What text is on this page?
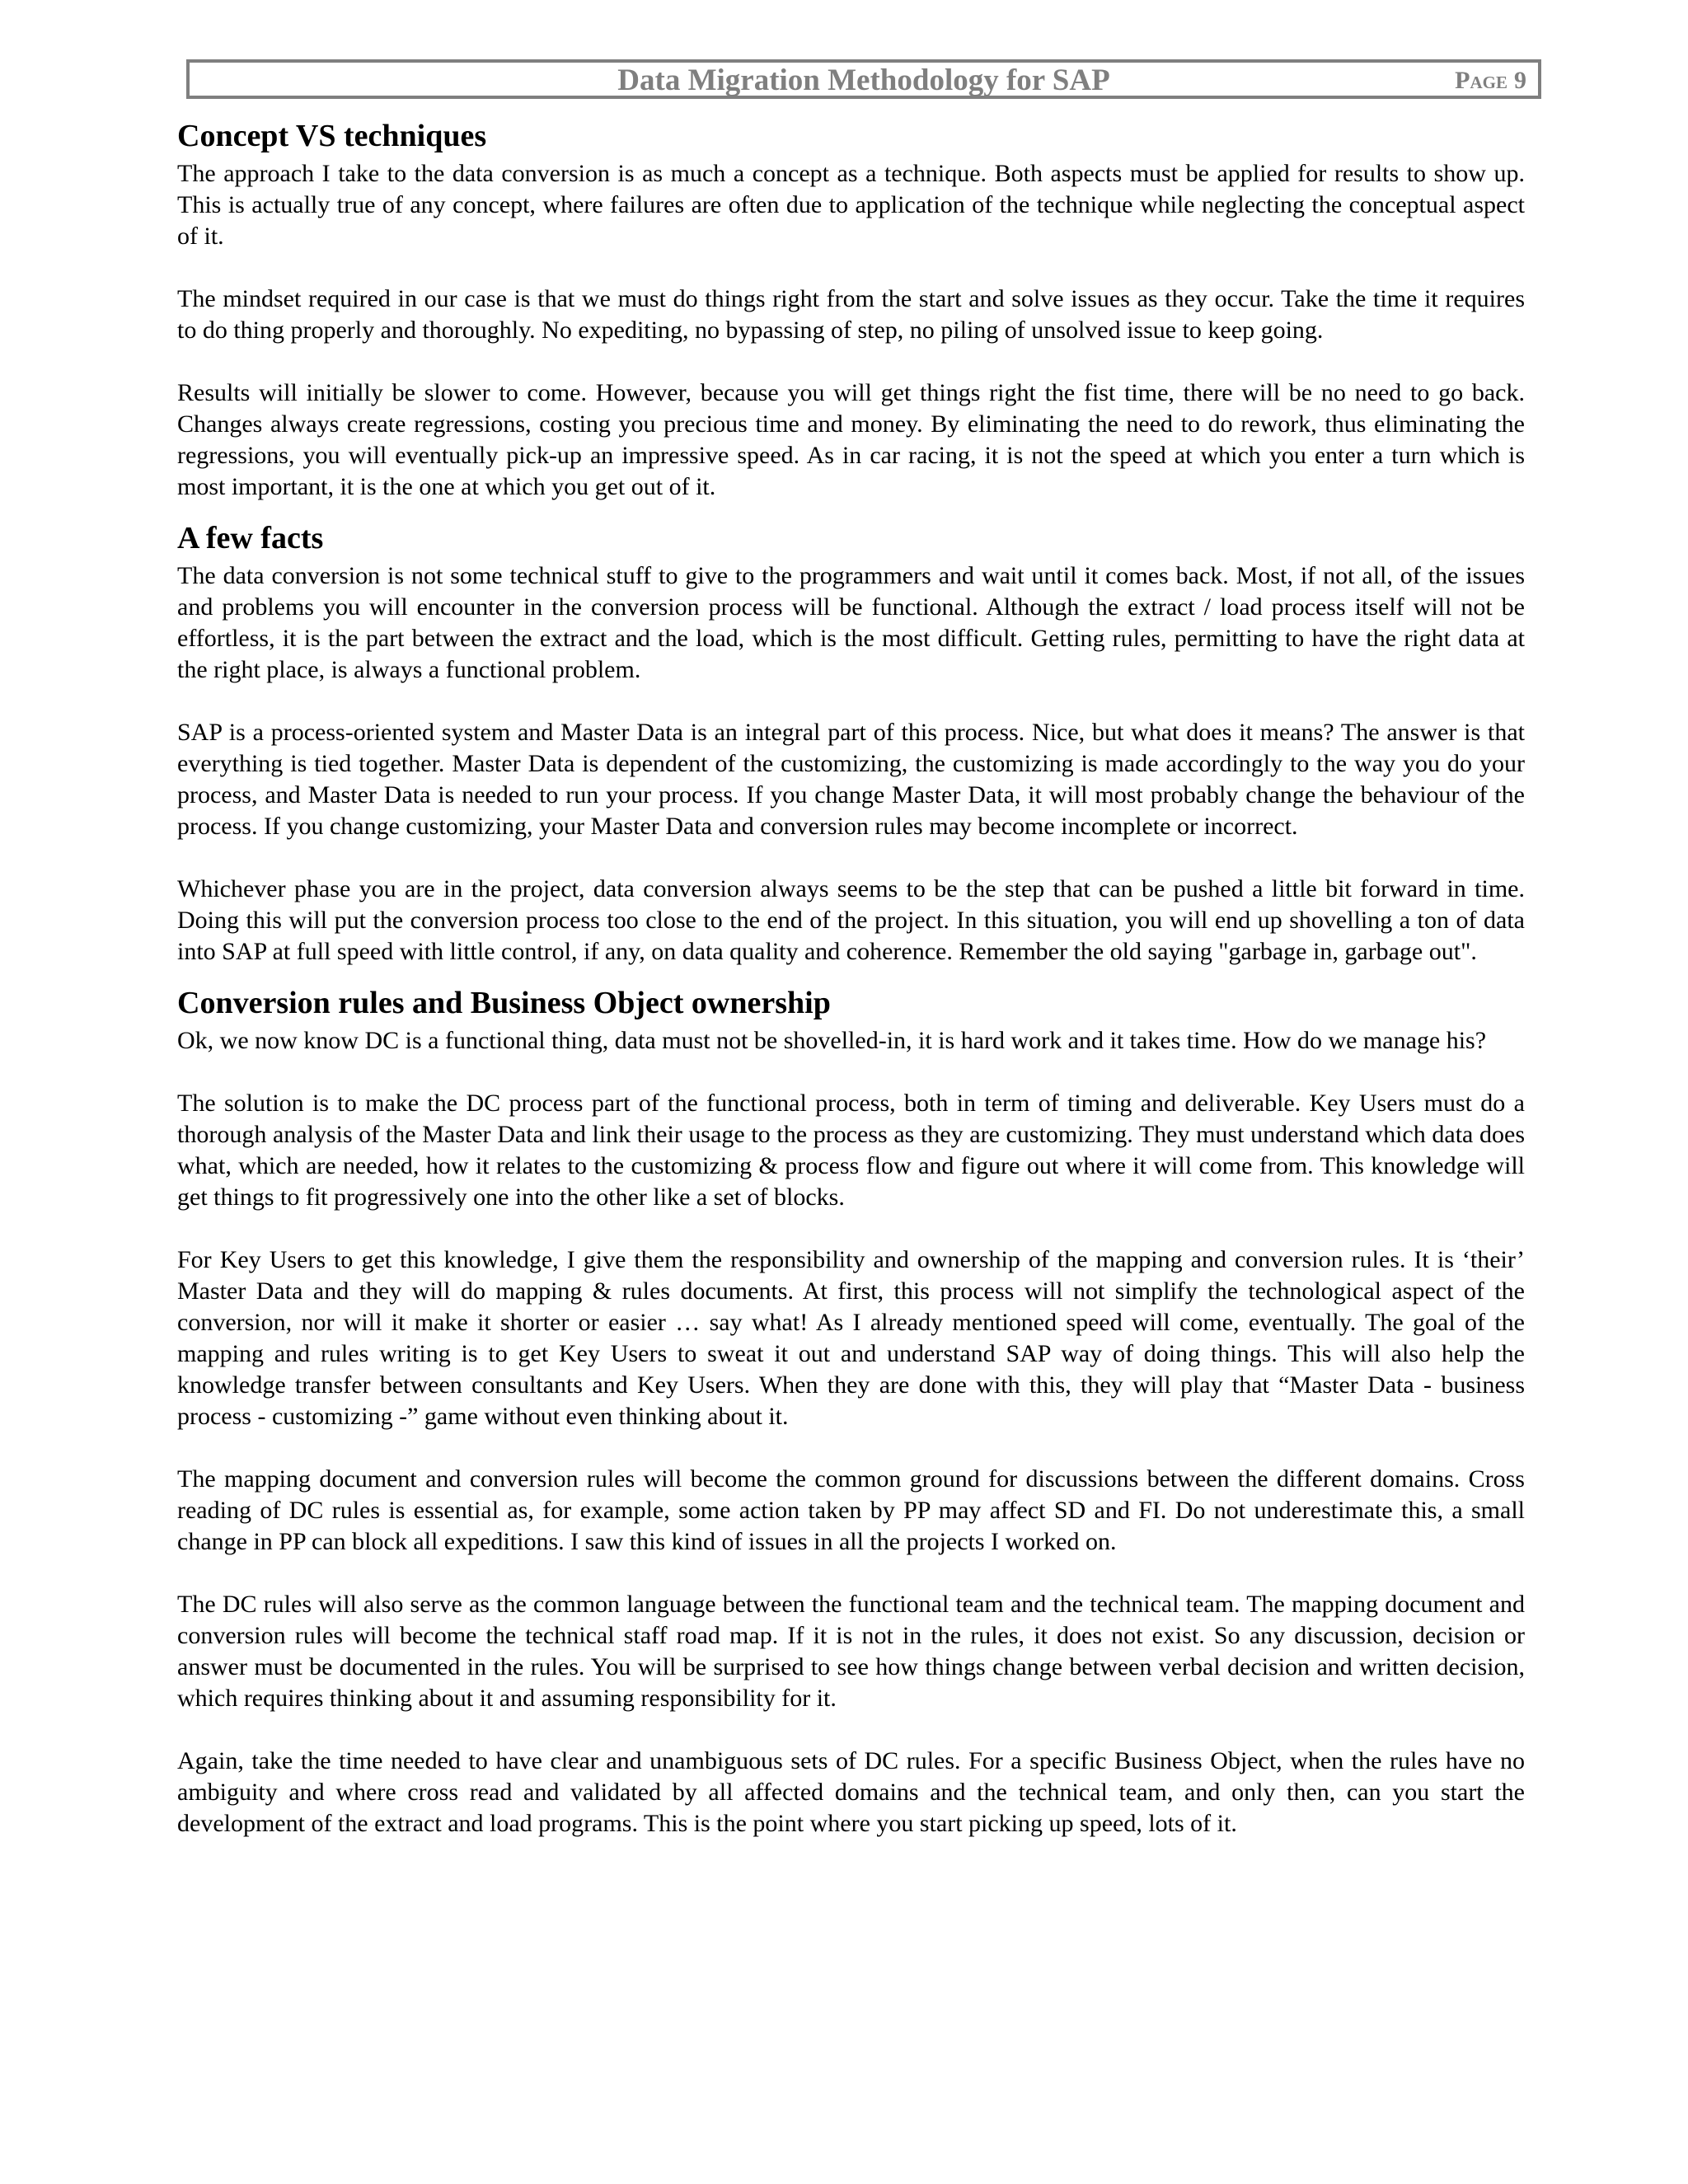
Data Migration Methodology for SAP	Page 9
Concept VS techniques

The approach I take to the data conversion is as much a concept as a technique. Both aspects must be applied for results to show up. This is actually true of any concept, where failures are often due to application of the technique while neglecting the conceptual aspect of it.

The mindset required in our case is that we must do things right from the start and solve issues as they occur. Take the time it requires to do thing properly and thoroughly. No expediting, no bypassing of step, no piling of unsolved issue to keep going.

Results will initially be slower to come. However, because you will get things right the fist time, there will be no need to go back. Changes always create regressions, costing you precious time and money. By eliminating the need to do rework, thus eliminating the regressions, you will eventually pick-up an impressive speed. As in car racing, it is not the speed at which you enter a turn which is most important, it is the one at which you get out of it.

A few facts

The data conversion is not some technical stuff to give to the programmers and wait until it comes back. Most, if not all, of the issues and problems you will encounter in the conversion process will be functional. Although the extract / load process itself will not be effortless, it is the part between the extract and the load, which is the most difficult. Getting rules, permitting to have the right data at the right place, is always a functional problem.

SAP is a process-oriented system and Master Data is an integral part of this process. Nice, but what does it means? The answer is that everything is tied together. Master Data is dependent of the customizing, the customizing is made accordingly to the way you do your process, and Master Data is needed to run your process. If you change Master Data, it will most probably change the behaviour of the process. If you change customizing, your Master Data and conversion rules may become incomplete or incorrect.

Whichever phase you are in the project, data conversion always seems to be the step that can be pushed a little bit forward in time. Doing this will put the conversion process too close to the end of the project. In this situation, you will end up shovelling a ton of data into SAP at full speed with little control, if any, on data quality and coherence. Remember the old saying "garbage in, garbage out".

Conversion rules and Business Object ownership

Ok, we now know DC is a functional thing, data must not be shovelled-in, it is hard work and it takes time. How do we manage his?

The solution is to make the DC process part of the functional process, both in term of timing and deliverable. Key Users must do a thorough analysis of the Master Data and link their usage to the process as they are customizing. They must understand which data does what, which are needed, how it relates to the customizing & process flow and figure out where it will come from. This knowledge will get things to fit progressively one into the other like a set of blocks.

For Key Users to get this knowledge, I give them the responsibility and ownership of the mapping and conversion rules. It is ‘their’ Master Data and they will do mapping & rules documents. At first, this process will not simplify the technological aspect of the conversion, nor will it make it shorter or easier … say what! As I already mentioned speed will come, eventually. The goal of the mapping and rules writing is to get Key Users to sweat it out and understand SAP way of doing things. This will also help the knowledge transfer between consultants and Key Users. When they are done with this, they will play that “Master Data - business process - customizing -” game without even thinking about it.

The mapping document and conversion rules will become the common ground for discussions between the different domains. Cross reading of DC rules is essential as, for example, some action taken by PP may affect SD and FI. Do not underestimate this, a small change in PP can block all expeditions. I saw this kind of issues in all the projects I worked on.

The DC rules will also serve as the common language between the functional team and the technical team. The mapping document and conversion rules will become the technical staff road map. If it is not in the rules, it does not exist. So any discussion, decision or answer must be documented in the rules. You will be surprised to see how things change between verbal decision and written decision, which requires thinking about it and assuming responsibility for it.

Again, take the time needed to have clear and unambiguous sets of DC rules. For a specific Business Object, when the rules have no ambiguity and where cross read and validated by all affected domains and the technical team, and only then, can you start the development of the extract and load programs. This is the point where you start picking up speed, lots of it.
